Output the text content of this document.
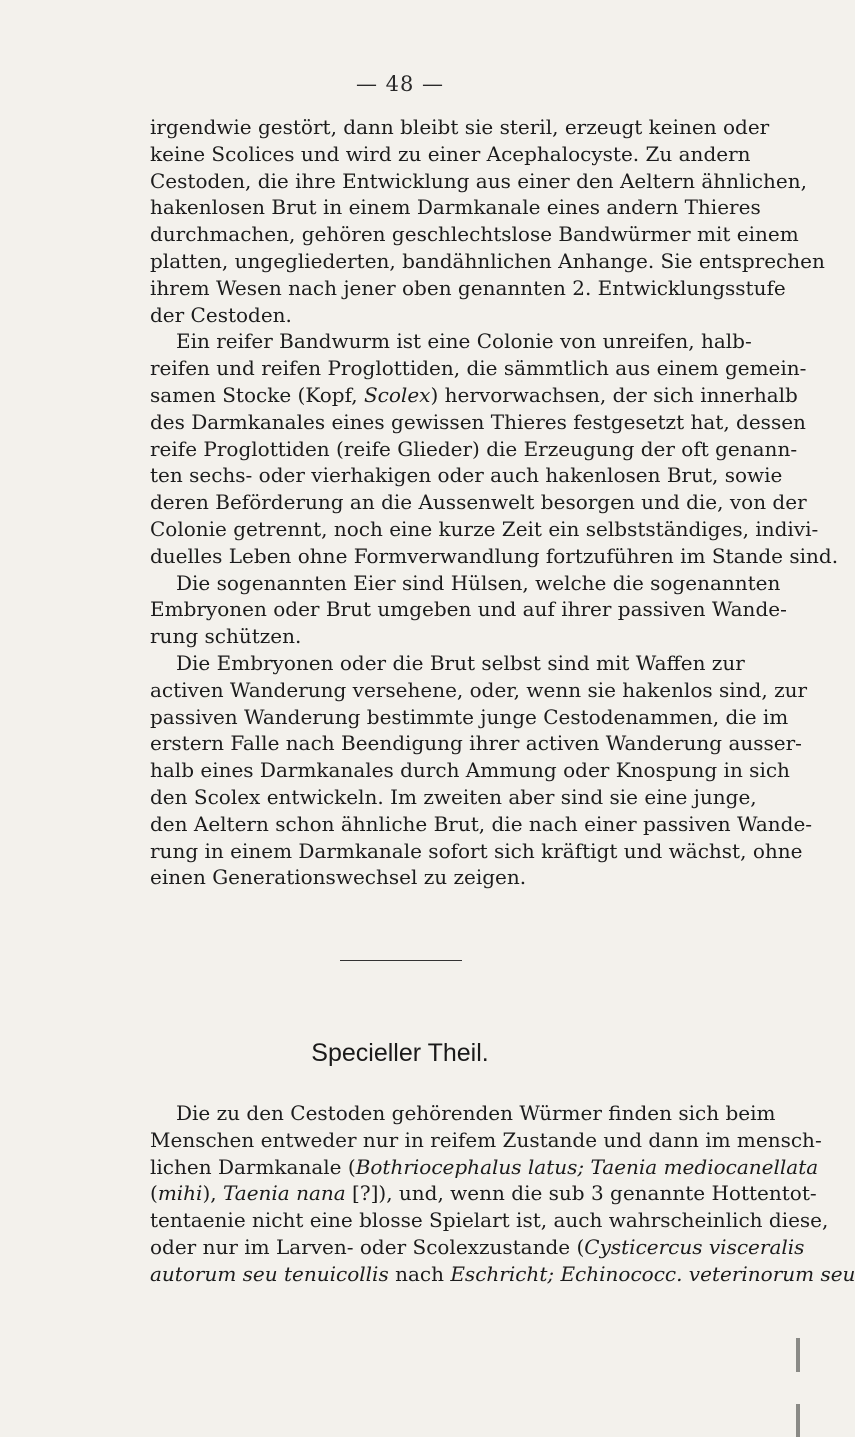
— 48 —
irgendwie gestört, dann bleibt sie steril, erzeugt keinen oder
keine Scolices und wird zu einer Acephalocyste. Zu andern
Cestoden, die ihre Entwicklung aus einer den Aeltern ähnlichen,
hakenlosen Brut in einem Darmkanale eines andern Thieres
durchmachen, gehören geschlechtslose Bandwürmer mit einem
platten, ungegliederten, bandähnlichen Anhange. Sie entsprechen
ihrem Wesen nach jener oben genannten 2. Entwicklungsstufe
der Cestoden.
Ein reifer Bandwurm ist eine Colonie von unreifen, halb-
reifen und reifen Proglottiden, die sämmtlich aus einem gemein-
samen Stocke (Kopf, Scolex) hervorwachsen, der sich innerhalb
des Darmkanales eines gewissen Thieres festgesetzt hat, dessen
reife Proglottiden (reife Glieder) die Erzeugung der oft genann-
ten sechs- oder vierhakigen oder auch hakenlosen Brut, sowie
deren Beförderung an die Aussenwelt besorgen und die, von der
Colonie getrennt, noch eine kurze Zeit ein selbstständiges, indivi-
duelles Leben ohne Formverwandlung fortzuführen im Stande sind.
Die sogenannten Eier sind Hülsen, welche die sogenannten
Embryonen oder Brut umgeben und auf ihrer passiven Wande-
rung schützen.
Die Embryonen oder die Brut selbst sind mit Waffen zur
activen Wanderung versehene, oder, wenn sie hakenlos sind, zur
passiven Wanderung bestimmte junge Cestodenammen, die im
erstern Falle nach Beendigung ihrer activen Wanderung ausser-
halb eines Darmkanales durch Ammung oder Knospung in sich
den Scolex entwickeln. Im zweiten aber sind sie eine junge,
den Aeltern schon ähnliche Brut, die nach einer passiven Wande-
rung in einem Darmkanale sofort sich kräftigt und wächst, ohne
einen Generationswechsel zu zeigen.
Specieller Theil.
Die zu den Cestoden gehörenden Würmer finden sich beim
Menschen entweder nur in reifem Zustande und dann im mensch-
lichen Darmkanale (Bothriocephalus latus; Taenia mediocanellata
(mihi), Taenia nana [?]), und, wenn die sub 3 genannte Hottentot-
tentaenie nicht eine blosse Spielart ist, auch wahrscheinlich diese,
oder nur im Larven- oder Scolexzustande (Cysticercus visceralis
autorum seu tenuicollis nach Eschricht; Echinococc. veterinorum seu
